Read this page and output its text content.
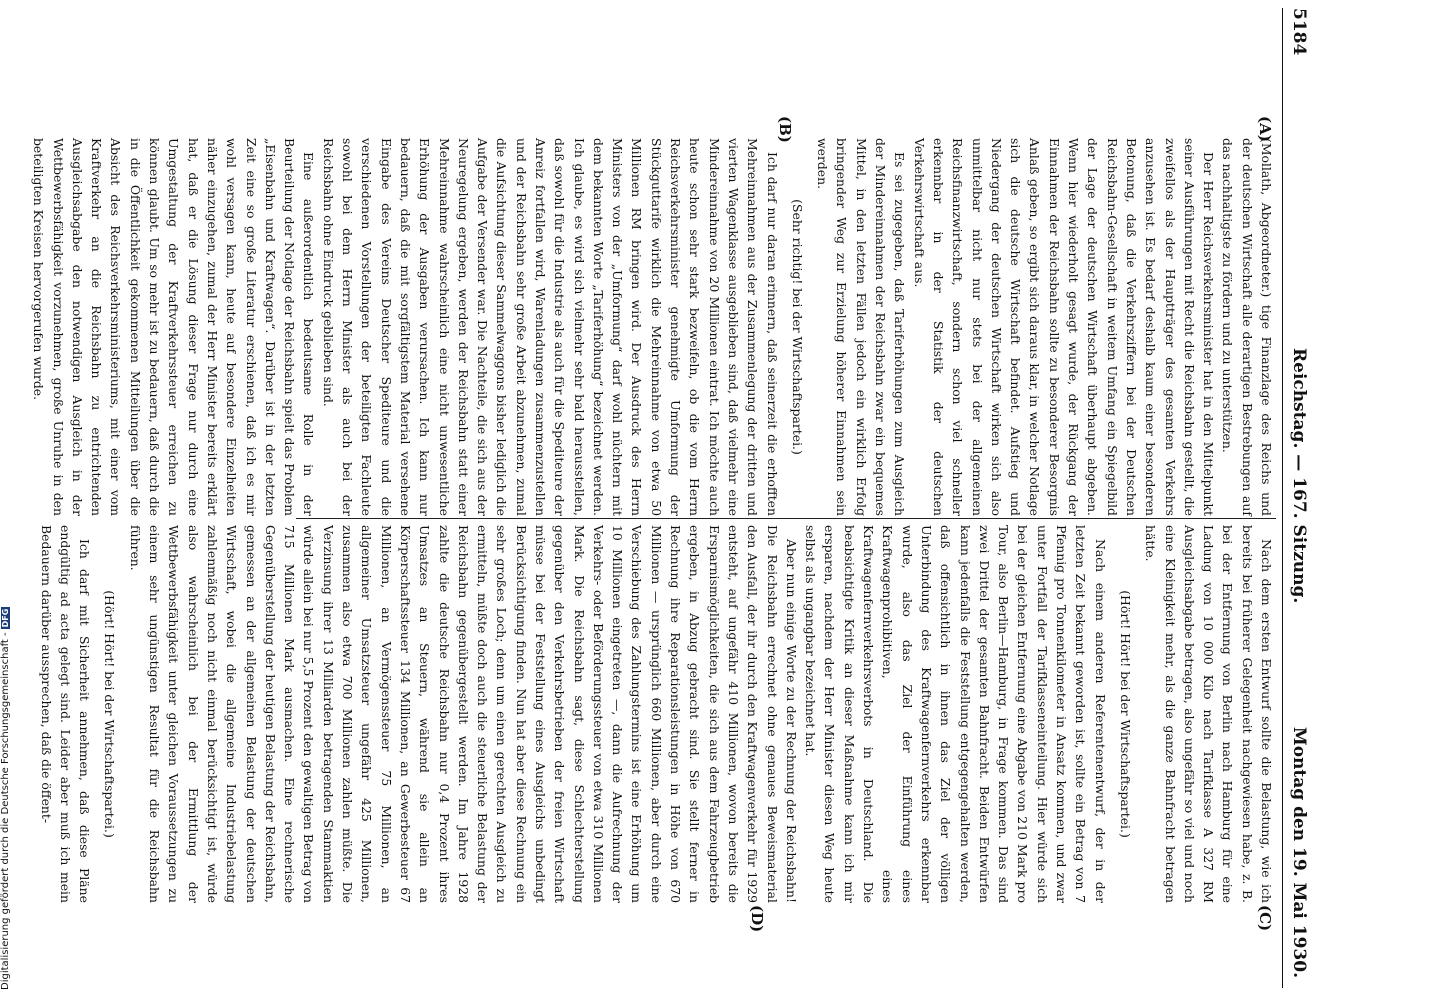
5184
Reichstag. — 167. Sitzung.
Montag den 19. Mai 1930.
(A)
(B)
(C)
(D)

(Mollath, Abgeordneter.) tige Finanzlage des Reichs und der deutschen Wirtschaft alle derartigen Bestrebungen auf das nachhaltigste zu fördern und zu unterstützen.

Der Herr Reichsverkehrsminister hat in den Mittelpunkt seiner Ausführungen mit Recht die Reichsbahn gestellt, die zweifellos als der Hauptträger des gesamten Verkehrs anzusehen ist. Es bedarf deshalb kaum einer besonderen Betonung, daß die Verkehrsziffern bei der Deutschen Reichsbahn-Gesellschaft in weitem Umfang ein Spiegelbild der Lage der deutschen Wirtschaft überhaupt abgeben. Wenn hier wiederholt gesagt wurde, der Rückgang der Einnahmen der Reichsbahn sollte zu besonderer Besorgnis Anlaß geben, so ergibt sich daraus klar, in welcher Notlage sich die deutsche Wirtschaft befindet. Aufstieg und Niedergang der deutschen Wirtschaft wirken sich also unmittelbar nicht nur stets bei der allgemeinen Reichsfinanzwirtschaft, sondern schon viel schneller erkennbar in der Statistik der deutschen Verkehrswirtschaft aus.

Es sei zugegeben, daß Tariferhöhungen zum Ausgleich der Mindereinnahmen der Reichsbahn zwar ein bequemes Mittel, in den letzten Fällen jedoch ein wirklich Erfolg bringender Weg zur Erzielung höherer Einnahmen sein werden.

(Sehr richtig! bei der Wirtschaftspartei.)

Ich darf nur daran erinnern, daß seinerzeit die erhofften Mehreinnahmen aus der Zusammenlegung der dritten und vierten Wagenklasse ausgeblieben sind, daß vielmehr eine Mindereinnahme von 20 Millionen eintrat. Ich möchte auch heute schon sehr stark bezweifeln, ob die vom Herrn Reichsverkehrsminister genehmigte Umformung der Stückguttarife wirklich die Mehreinnahme von etwa 50 Millionen RM bringen wird. Der Ausdruck des Herrn Ministers von der „Umformung“ darf wohl nüchtern mit dem bekannten Worte „Tariferhöhung“ bezeichnet werden. Ich glaube, es wird sich vielmehr sehr bald herausstellen, daß sowohl für die Industrie als auch für die Spediteure der Anreiz fortfallen wird, Warenladungen zusammenzustellen und der Reichsbahn sehr große Arbeit abzunehmen, zumal die Aufsichtung dieser Sammelwaggons bisher lediglich die Aufgabe der Versender war. Die Nachteile, die sich aus der Neuregelung ergeben, werden der Reichsbahn statt einer Mehreinnahme wahrscheinlich eine nicht unwesentliche Erhöhung der Ausgaben verursachen. Ich kann nur bedauern, daß die mit sorgfältigstem Material versehene Eingabe des Vereins Deutscher Spediteure und die verschiedenen Vorstellungen der beteiligten Fachleute sowohl bei dem Herrn Minister als auch bei der Reichsbahn ohne Eindruck geblieben sind.

Eine außerordentlich bedeutsame Rolle in der Beurteilung der Notlage der Reichsbahn spielt das Problem „Eisenbahn und Kraftwagen“. Darüber ist in der letzten Zeit eine so große Literatur erschienen, daß ich es mir wohl versagen kann, heute auf besondere Einzelheiten näher einzugehen, zumal der Herr Minister bereits erklärt hat, daß er die Lösung dieser Frage nur durch eine Umgestaltung der Kraftverkehrssteuer erreichen zu können glaubt. Um so mehr ist zu bedauern, daß durch die in die Öffentlichkeit gekommenen Mitteilungen über die Absicht des Reichsverkehrsministeriums, mit einer vom Kraftverkehr an die Reichsbahn zu entrichtenden Ausgleichsabgabe den notwendigen Ausgleich in der Wettbewerbsfähigkeit vorzunehmen, große Unruhe in den beteiligten Kreisen hervorgerufen wurde.

Nach dem ersten Entwurf sollte die Belastung, wie ich bereits bei früherer Gelegenheit nachgewiesen habe, z. B. bei der Entfernung von Berlin nach Hamburg für eine Ladung von 10 000 Kilo nach Tarifklasse A 327 RM Ausgleichsabgabe betragen, also ungefähr so viel und noch eine Kleinigkeit mehr, als die ganze Bahnfracht betragen hätte.

(Hört! Hört! bei der Wirtschaftspartei.)

Nach einem anderen Referentenentwurf, der in der letzten Zeit bekannt geworden ist, sollte ein Betrag von 7 Pfennig pro Tonnenkilometer in Ansatz kommen, und zwar unter Fortfall der Tarifklasseneinteilung. Hier würde sich bei der gleichen Entfernung eine Abgabe von 210 Mark pro Tour, also Berlin—Hamburg, in Frage kommen. Das sind zwei Drittel der gesamten Bahnfracht. Beiden Entwürfen kann jedenfalls die Feststellung entgegengehalten werden, daß offensichtlich in ihnen das Ziel der völligen Unterbindung des Kraftwagenfernverkehrs erkennbar wurde, also das Ziel der Einführung eines Kraftwagenprohibitiven, eines Kraftwagenfernverkehrsverbots in Deutschland. Die beabsichtigte Kritik an dieser Maßnahme kann ich mir ersparen, nachdem der Herr Minister diesen Weg heute selbst als ungangbar bezeichnet hat.

Aber nun einige Worte zu der Rechnung der Reichsbahn! Die Reichsbahn errechnet ohne genaues Beweismaterial den Ausfall, der ihr durch den Kraftwagenverkehr für 1929 entsteht, auf ungefähr 410 Millionen, wovon bereits die Ersparnismöglichkeiten, die sich aus dem Fahrzeugbetrieb ergeben, in Abzug gebracht sind. Sie stellt ferner in Rechnung ihre Reparationsleistungen in Höhe von 670 Millionen — ursprünglich 660 Millionen, aber durch eine Verschiebung des Zahlungstermins ist eine Erhöhung um 10 Millionen eingetreten —, dann die Aufrechnung der Verkehrs- oder Beförderungssteuer von etwa 310 Millionen Mark. Die Reichsbahn sagt, diese Schlechterstellung gegenüber den Verkehrsbetrieben der freien Wirtschaft müsse bei der Feststellung eines Ausgleichs unbedingt Berücksichtigung finden. Nun hat aber diese Rechnung ein sehr großes Loch; denn um einen gerechten Ausgleich zu ermitteln, müßte doch auch die steuerliche Belastung der Reichsbahn gegenübergestellt werden. Im Jahre 1928 zahlte die deutsche Reichsbahn nur 0,4 Prozent ihres Umsatzes an Steuern, während sie allein an Körperschaftssteuer 134 Millionen, an Gewerbesteuer 67 Millionen, an Vermögenssteuer 75 Millionen, an allgemeiner Umsatzsteuer ungefähr 425 Millionen, zusammen also etwa 700 Millionen zahlen müßte. Die Verzinsung ihrer 13 Milliarden betragenden Stammaktien würde allein bei nur 5,5 Prozent den gewaltigen Betrag von 715 Millionen Mark ausmachen. Eine rechnerische Gegenüberstellung der heutigen Belastung der Reichsbahn, gemessen an der allgemeinen Belastung der deutschen Wirtschaft, wobei die allgemeine Industriebelastung zahlenmäßig noch nicht einmal berücksichtigt ist, würde also wahrscheinlich bei der Ermittlung der Wettbewerbsfähigkeit unter gleichen Voraussetzungen zu einem sehr ungünstigen Resultat für die Reichsbahn führen.

(Hört! Hört! bei der Wirtschaftspartei.)

Ich darf mit Sicherheit annehmen, daß diese Pläne endgültig ad acta gelegt sind. Leider aber muß ich mein Bedauern darüber aussprechen, daß die öffent-

Digitalisierung gefördert durch die Deutsche Forschungsgemeinschaft -DFG
